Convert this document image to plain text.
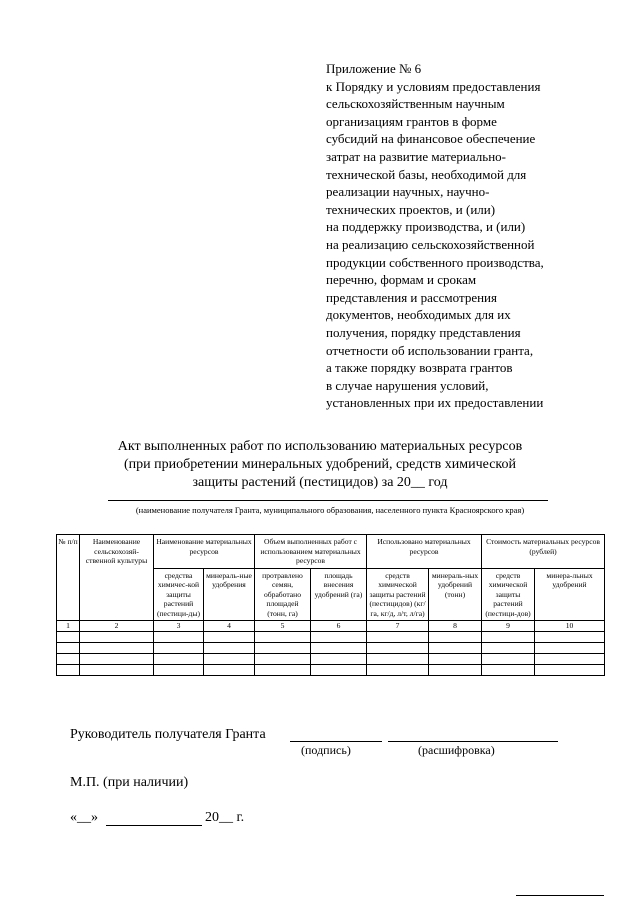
Приложение № 6
к Порядку и условиям предоставления
сельскохозяйственным научным
организациям грантов в форме
субсидий на финансовое обеспечение
затрат на развитие материально-
технической базы, необходимой для
реализации научных, научно-
технических проектов, и (или)
на поддержку производства, и (или)
на реализацию сельскохозяйственной
продукции собственного производства,
перечню, формам и срокам
представления и рассмотрения
документов, необходимых для их
получения, порядку представления
отчетности об использовании гранта,
а также порядку возврата грантов
в случае нарушения условий,
установленных при их предоставлении
Акт выполненных работ по использованию материальных ресурсов
(при приобретении минеральных удобрений, средств химической
защиты растений (пестицидов) за 20__ год
(наименование получателя Гранта, муниципального образования, населенного пункта Красноярского края)
№ п/п	Наименование сельскохозяй-ственной культуры	Наименование материальных ресурсов		Объем выполненных работ с использованием материальных ресурсов		Использовано материальных ресурсов		Стоимость материальных ресурсов (рублей)	
		средства химичес-кой защиты растений (пестици-ды)	минераль-ные удобрения	протравлено семян, обработано площадей (тонн, га)	площадь внесения удобрений (га)	средств химической защиты растений (пестицидов) (кг/га, кг/д, л/т, л/га)	минераль-ных удобрений (тонн)	средств химической защиты растений (пестици-дов)	минера-льных удобрений
1	2	3	4	5	6	7	8	9	10

Руководитель получателя Гранта
(подпись)	(расшифровка)
М.П. (при наличии)
«__»	20__ г.
